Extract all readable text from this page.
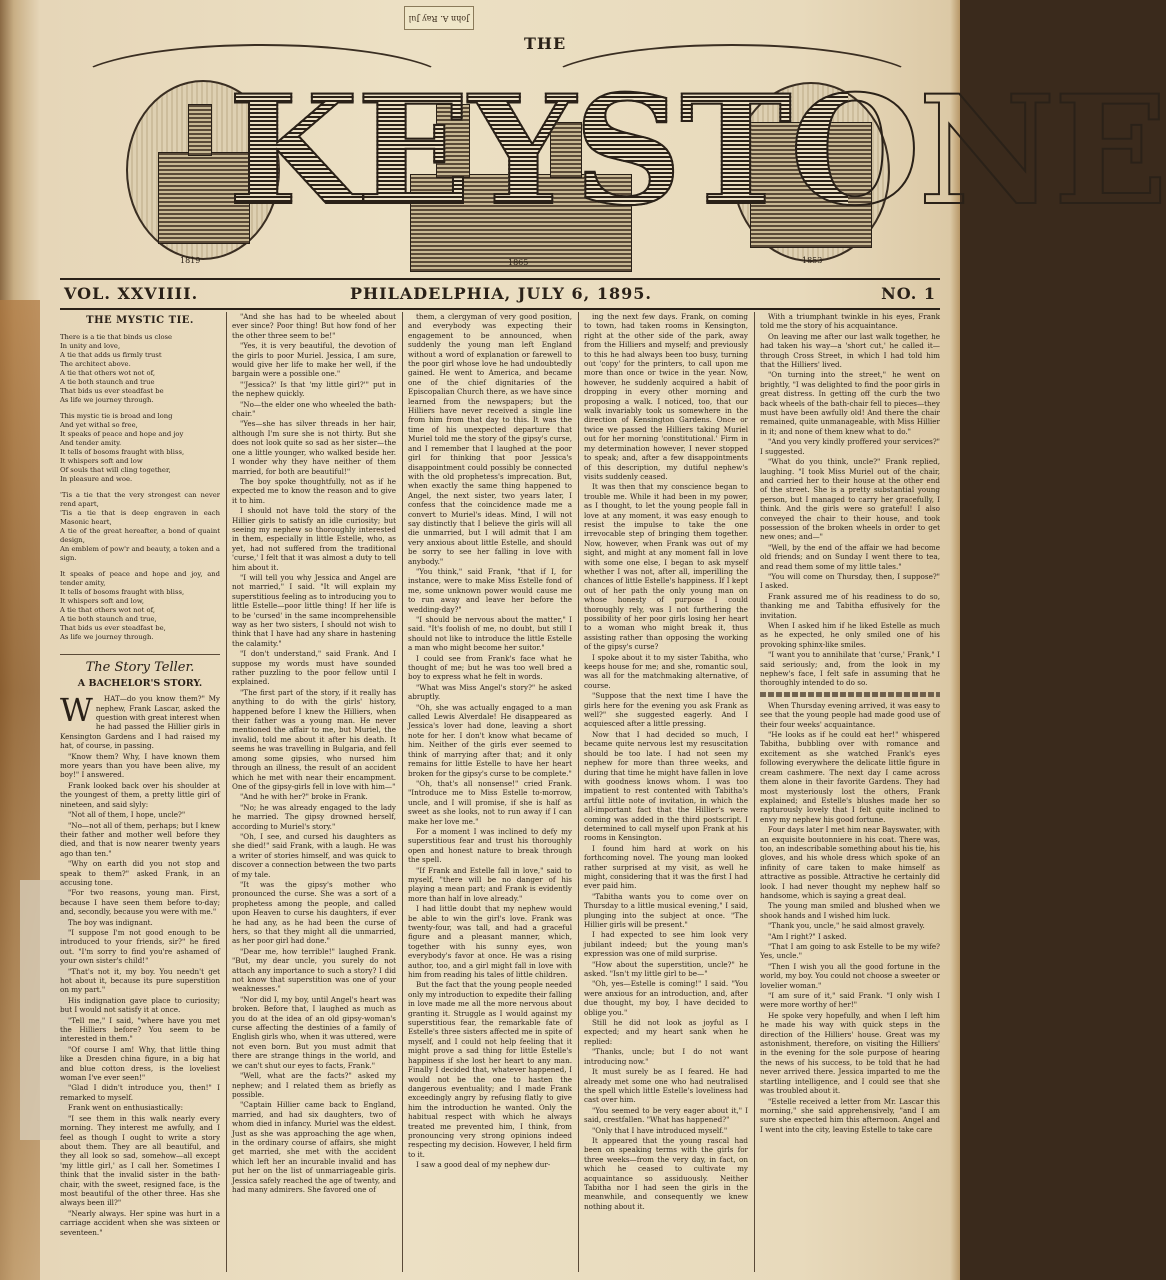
John A. Ray Jul
THE
1819	1865	1853
KEYSTONE
VOL. XXVIIII.	PHILADELPHIA, JULY 6, 1895.	NO. 1
THE MYSTIC TIE.
There is a tie that binds us close
In unity and love,
A tie that adds us firmly trust
The architect above.
A tie that others wot not of,
A tie both staunch and true
That bids us ever steadfast be
As life we journey through.
This mystic tie is broad and long
And yet withal so free,
It speaks of peace and hope and joy
And tender amity.
It tells of bosoms fraught with bliss,
It whispers soft and low
Of souls that will cling together,
In pleasure and woe.
'Tis a tie that the very strongest can never rend apart,
'Tis a tie that is deep engraven in each Masonic heart,
A tie of the great hereafter, a bond of quaint design,
An emblem of pow'r and beauty, a token and a sign.
It speaks of peace and hope and joy, and tender amity,
It tells of bosoms fraught with bliss,
It whispers soft and low,
A tie that others wot not of,
A tie both staunch and true,
That bids us ever steadfast be,
As life we journey through.
The Story Teller.
A BACHELOR'S STORY.
W	HAT—do you know them?" My nephew, Frank Lascar, asked the question with great interest when he had passed the Hillier girls in Kensington Gardens and I had raised my hat, of course, in passing.

"Know them? Why, I have known them more years than you have been alive, my boy!" I answered.

Frank looked back over his shoulder at the youngest of them, a pretty little girl of nineteen, and said slyly:

"Not all of them, I hope, uncle?"

"No—not all of them, perhaps; but I knew their father and mother well before they died, and that is now nearer twenty years ago than ten."

"Why on earth did you not stop and speak to them?" asked Frank, in an accusing tone.

"For two reasons, young man. First, because I have seen them before to-day; and, secondly, because you were with me."

The boy was indignant.

"I suppose I'm not good enough to be introduced to your friends, sir?" he fired out. "I'm sorry to find you're ashamed of your own sister's child!"

"That's not it, my boy. You needn't get hot about it, because its pure superstition on my part."

His indignation gave place to curiosity; but I would not satisfy it at once.

"Tell me," I said, "where have you met the Hilliers before? You seem to be interested in them."

"Of course I am! Why, that little thing like a Dresden china figure, in a big hat and blue cotton dress, is the loveliest woman I've ever seen!"

"Glad I didn't introduce you, then!" I remarked to myself.

Frank went on enthusiastically:

"I see them in this walk nearly every morning. They interest me awfully, and I feel as though I ought to write a story about them. They are all beautiful, and they all look so sad, somehow—all except 'my little girl,' as I call her. Sometimes I think that the invalid sister in the bath-chair, with the sweet, resigned face, is the most beautiful of the other three. Has she always been ill?"

"Nearly always. Her spine was hurt in a carriage accident when she was sixteen or seventeen."

"And she has had to be wheeled about ever since? Poor thing! But how fond of her the other three seem to be!"

"Yes, it is very beautiful, the devotion of the girls to poor Muriel. Jessica, I am sure, would give her life to make her well, if the bargain were a possible one."

"'Jessica?' Is that 'my little girl?'" put in the nephew quickly.

"No—the elder one who wheeled the bath-chair."

"Yes—she has silver threads in her hair, although I'm sure she is not thirty. But she does not look quite so sad as her sister—the one a little younger, who walked beside her. I wonder why they have neither of them married, for both are beautiful!"

The boy spoke thoughtfully, not as if he expected me to know the reason and to give it to him.

I should not have told the story of the Hillier girls to satisfy an idle curiosity; but seeing my nephew so thoroughly interested in them, especially in little Estelle, who, as yet, had not suffered from the traditional 'curse,' I felt that it was almost a duty to tell him about it.

"I will tell you why Jessica and Angel are not married," I said. "It will explain my superstitious feeling as to introducing you to little Estelle—poor little thing! If her life is to be 'cursed' in the same incomprehensible way as her two sisters, I should not wish to think that I have had any share in hastening the calamity."

"I don't understand," said Frank. And I suppose my words must have sounded rather puzzling to the poor fellow until I explained.

"The first part of the story, if it really has anything to do with the girls' history, happened before I knew the Hilliers, when their father was a young man. He never mentioned the affair to me, but Muriel, the invalid, told me about it after his death. It seems he was travelling in Bulgaria, and fell among some gipsies, who nursed him through an illness, the result of an accident which he met with near their encampment. One of the gipsy-girls fell in love with him—"

"And he with her?" broke in Frank.

"No; he was already engaged to the lady he married. The gipsy drowned herself, according to Muriel's story."

"Oh, I see, and cursed his daughters as she died!" said Frank, with a laugh. He was a writer of stories himself, and was quick to discover a connection between the two parts of my tale.

"It was the gipsy's mother who pronounced the curse. She was a sort of a prophetess among the people, and called upon Heaven to curse his daughters, if ever he had any, as he had been the curse of hers, so that they might all die unmarried, as her poor girl had done."

"Dear me, how terrible!" laughed Frank. "But, my dear uncle, you surely do not attach any importance to such a story? I did not know that superstition was one of your weaknesses."

"Nor did I, my boy, until Angel's heart was broken. Before that, I laughed as much as you do at the idea of an old gipsy-woman's curse affecting the destinies of a family of English girls who, when it was uttered, were not even born. But you must admit that there are strange things in the world, and we can't shut our eyes to facts, Frank."

"Well, what are the facts?" asked my nephew; and I related them as briefly as possible.

"Captain Hillier came back to England, married, and had six daughters, two of whom died in infancy. Muriel was the eldest. Just as she was approaching the age when, in the ordinary course of affairs, she might get married, she met with the accident which left her an incurable invalid and has put her on the list of unmarriageable girls. Jessica safely reached the age of twenty, and had many admirers. She favored one of

them, a clergyman of very good position, and everybody was expecting their engagement to be announced, when suddenly the young man left England without a word of explanation or farewell to the poor girl whose love he had undoubtedly gained. He went to America, and became one of the chief dignitaries of the Episcopalian Church there, as we have since learned from the newspapers; but the Hilliers have never received a single line from him from that day to this. It was the time of his unexpected departure that Muriel told me the story of the gipsy's curse, and I remember that I laughed at the poor girl for thinking that poor Jessica's disappointment could possibly be connected with the old prophetess's imprecation. But, when exactly the same thing happened to Angel, the next sister, two years later, I confess that the coincidence made me a convert to Muriel's ideas. Mind, I will not say distinctly that I believe the girls will all die unmarried, but I will admit that I am very anxious about little Estelle, and should be sorry to see her falling in love with anybody."

"You think," said Frank, "that if I, for instance, were to make Miss Estelle fond of me, some unknown power would cause me to run away and leave her before the wedding-day?"

"I should be nervous about the matter," I said. "It's foolish of me, no doubt, but still I should not like to introduce the little Estelle a man who might become her suitor."

I could see from Frank's face what he thought of me; but he was too well bred a boy to express what he felt in words.

"What was Miss Angel's story?" he asked abruptly.

"Oh, she was actually engaged to a man called Lewis Alverdale! He disappeared as Jessica's lover had done, leaving a short note for her. I don't know what became of him. Neither of the girls ever seemed to think of marrying after that; and it only remains for little Estelle to have her heart broken for the gipsy's curse to be complete."

"Oh, that's all nonsense!" cried Frank. "Introduce me to Miss Estelle to-morrow, uncle, and I will promise, if she is half as sweet as she looks, not to run away if I can make her love me."

For a moment I was inclined to defy my superstitious fear and trust his thoroughly open and honest nature to break through the spell.

"If Frank and Estelle fall in love," said to myself, "there will be no danger of his playing a mean part; and Frank is evidently more than half in love already."

I had little doubt that my nephew would be able to win the girl's love. Frank was twenty-four, was tall, and had a graceful figure and a pleasant manner, which, together with his sunny eyes, won everybody's favor at once. He was a rising author, too, and a girl might fall in love with him from reading his tales of little children.

But the fact that the young people needed only my introduction to expedite their falling in love made me all the more nervous about granting it. Struggle as I would against my superstitious fear, the remarkable fate of Estelle's three sisters affected me in spite of myself, and I could not help feeling that it might prove a sad thing for little Estelle's happiness if she lost her heart to any man. Finally I decided that, whatever happened, I would not be the one to hasten the dangerous eventuality; and I made Frank exceedingly angry by refusing flatly to give him the introduction he wanted. Only the habitual respect with which he always treated me prevented him, I think, from pronouncing very strong opinions indeed respecting my decision. However, I held firm to it.

I saw a good deal of my nephew dur-

ing the next few days. Frank, on coming to town, had taken rooms in Kensington, right at the other side of the park, away from the Hilliers and myself; and previously to this he had always been too busy, turning out 'copy' for the printers, to call upon me more than once or twice in the year. Now, however, he suddenly acquired a habit of dropping in every other morning and proposing a walk. I noticed, too, that our walk invariably took us somewhere in the direction of Kensington Gardens. Once or twice we passed the Hilliers taking Muriel out for her morning 'constitutional.' Firm in my determination however, I never stopped to speak; and, after a few disappointments of this description, my dutiful nephew's visits suddenly ceased.

It was then that my conscience began to trouble me. While it had been in my power, as I thought, to let the young people fall in love at any moment, it was easy enough to resist the impulse to take the one irrevocable step of bringing them together. Now, however, when Frank was out of my sight, and might at any moment fall in love with some one else, I began to ask myself whether I was not, after all, imperilling the chances of little Estelle's happiness. If I kept out of her path the only young man on whose honesty of purpose I could thoroughly rely, was I not furthering the possibility of her poor girls losing her heart to a woman who might break it, thus assisting rather than opposing the working of the gipsy's curse?

I spoke about it to my sister Tabitha, who keeps house for me; and she, romantic soul, was all for the matchmaking alternative, of course.

"Suppose that the next time I have the girls here for the evening you ask Frank as well?" she suggested eagerly. And I acquiesced after a little pressing.

Now that I had decided so much, I became quite nervous lest my resuscitation should be too late. I had not seen my nephew for more than three weeks, and during that time he might have fallen in love with goodness knows whom. I was too impatient to rest contented with Tabitha's artful little note of invitation, in which the all-important fact that the Hillier's were coming was added in the third postscript. I determined to call myself upon Frank at his rooms in Kensington.

I found him hard at work on his forthcoming novel. The young man looked rather surprised at my visit, as well he might, considering that it was the first I had ever paid him.

"Tabitha wants you to come over on Thursday to a little musical evening," I said, plunging into the subject at once. "The Hillier girls will be present."

I had expected to see him look very jubilant indeed; but the young man's expression was one of mild surprise.

"How about the superstition, uncle?" he asked. "Isn't my little girl to be—"

"Oh, yes—Estelle is coming!" I said. "You were anxious for an introduction, and, after due thought, my boy, I have decided to oblige you."

Still he did not look as joyful as I expected; and my heart sank when he replied:

"Thanks, uncle; but I do not want introducing now."

It must surely be as I feared. He had already met some one who had neutralised the spell which little Estelle's loveliness had cast over him.

"You seemed to be very eager about it," I said, crestfallen. "What has happened?"

"Only that I have introduced myself."

It appeared that the young rascal had been on speaking terms with the girls for three weeks—from the very day, in fact, on which he ceased to cultivate my acquaintance so assiduously. Neither Tabitha nor I had seen the girls in the meanwhile, and consequently we knew nothing about it.

With a triumphant twinkle in his eyes, Frank told me the story of his acquaintance.

On leaving me after our last walk together, he had taken his way—a 'short cut,' he called it—through Cross Street, in which I had told him that the Hilliers' lived.

"On turning into the street," he went on brightly, "I was delighted to find the poor girls in great distress. In getting off the curb the two back wheels of the bath-chair fell to pieces—they must have been awfully old! And there the chair remained, quite unmanageable, with Miss Hillier in it; and none of them knew what to do."

"And you very kindly proffered your services?" I suggested.

"What do you think, uncle?" Frank replied, laughing. "I took Miss Muriel out of the chair, and carried her to their house at the other end of the street. She is a pretty substantial young person, but I managed to carry her gracefully, I think. And the girls were so grateful! I also conveyed the chair to their house, and took possession of the broken wheels in order to get new ones; and—"

"Well, by the end of the affair we had become old friends; and on Sunday I went there to tea, and read them some of my little tales."

"You will come on Thursday, then, I suppose?" I asked.

Frank assured me of his readiness to do so, thanking me and Tabitha effusively for the invitation.

When I asked him if he liked Estelle as much as he expected, he only smiled one of his provoking sphinx-like smiles.

"I want you to annihilate that 'curse,' Frank," I said seriously; and, from the look in my nephew's face, I felt safe in assuming that he thoroughly intended to do so.

When Thursday evening arrived, it was easy to see that the young people had made good use of their four weeks' acquaintance.

"He looks as if he could eat her!" whispered Tabitha, bubbling over with romance and excitement as she watched Frank's eyes following everywhere the delicate little figure in cream cashmere. The next day I came across them alone in their favorite Gardens. They had most mysteriously lost the others, Frank explained; and Estelle's blushes made her so rapturously lovely that I felt quite inclined to envy my nephew his good fortune.

Four days later I met him near Bayswater, with an exquisite boutonniere in his coat. There was, too, an indescribable something about his tie, his gloves, and his whole dress which spoke of an infinity of care taken to make himself as attractive as possible. Attractive he certainly did look. I had never thought my nephew half so handsome, which is saying a great deal.

The young man smiled and blushed when we shook hands and I wished him luck.

"Thank you, uncle," he said almost gravely.

"Am I right?" I asked.

"That I am going to ask Estelle to be my wife? Yes, uncle."

"Then I wish you all the good fortune in the world, my boy. You could not choose a sweeter or lovelier woman."

"I am sure of it," said Frank. "I only wish I were more worthy of her!"

He spoke very hopefully, and when I left him he made his way with quick steps in the direction of the Hilliers' house. Great was my astonishment, therefore, on visiting the Hilliers' in the evening for the sole purpose of hearing the news of his success, to be told that he had never arrived there. Jessica imparted to me the startling intelligence, and I could see that she was troubled about it.

"Estelle received a letter from Mr. Lascar this morning," she said apprehensively, "and I am sure she expected him this afternoon. Angel and I went into the city, leaving Estelle to take care
